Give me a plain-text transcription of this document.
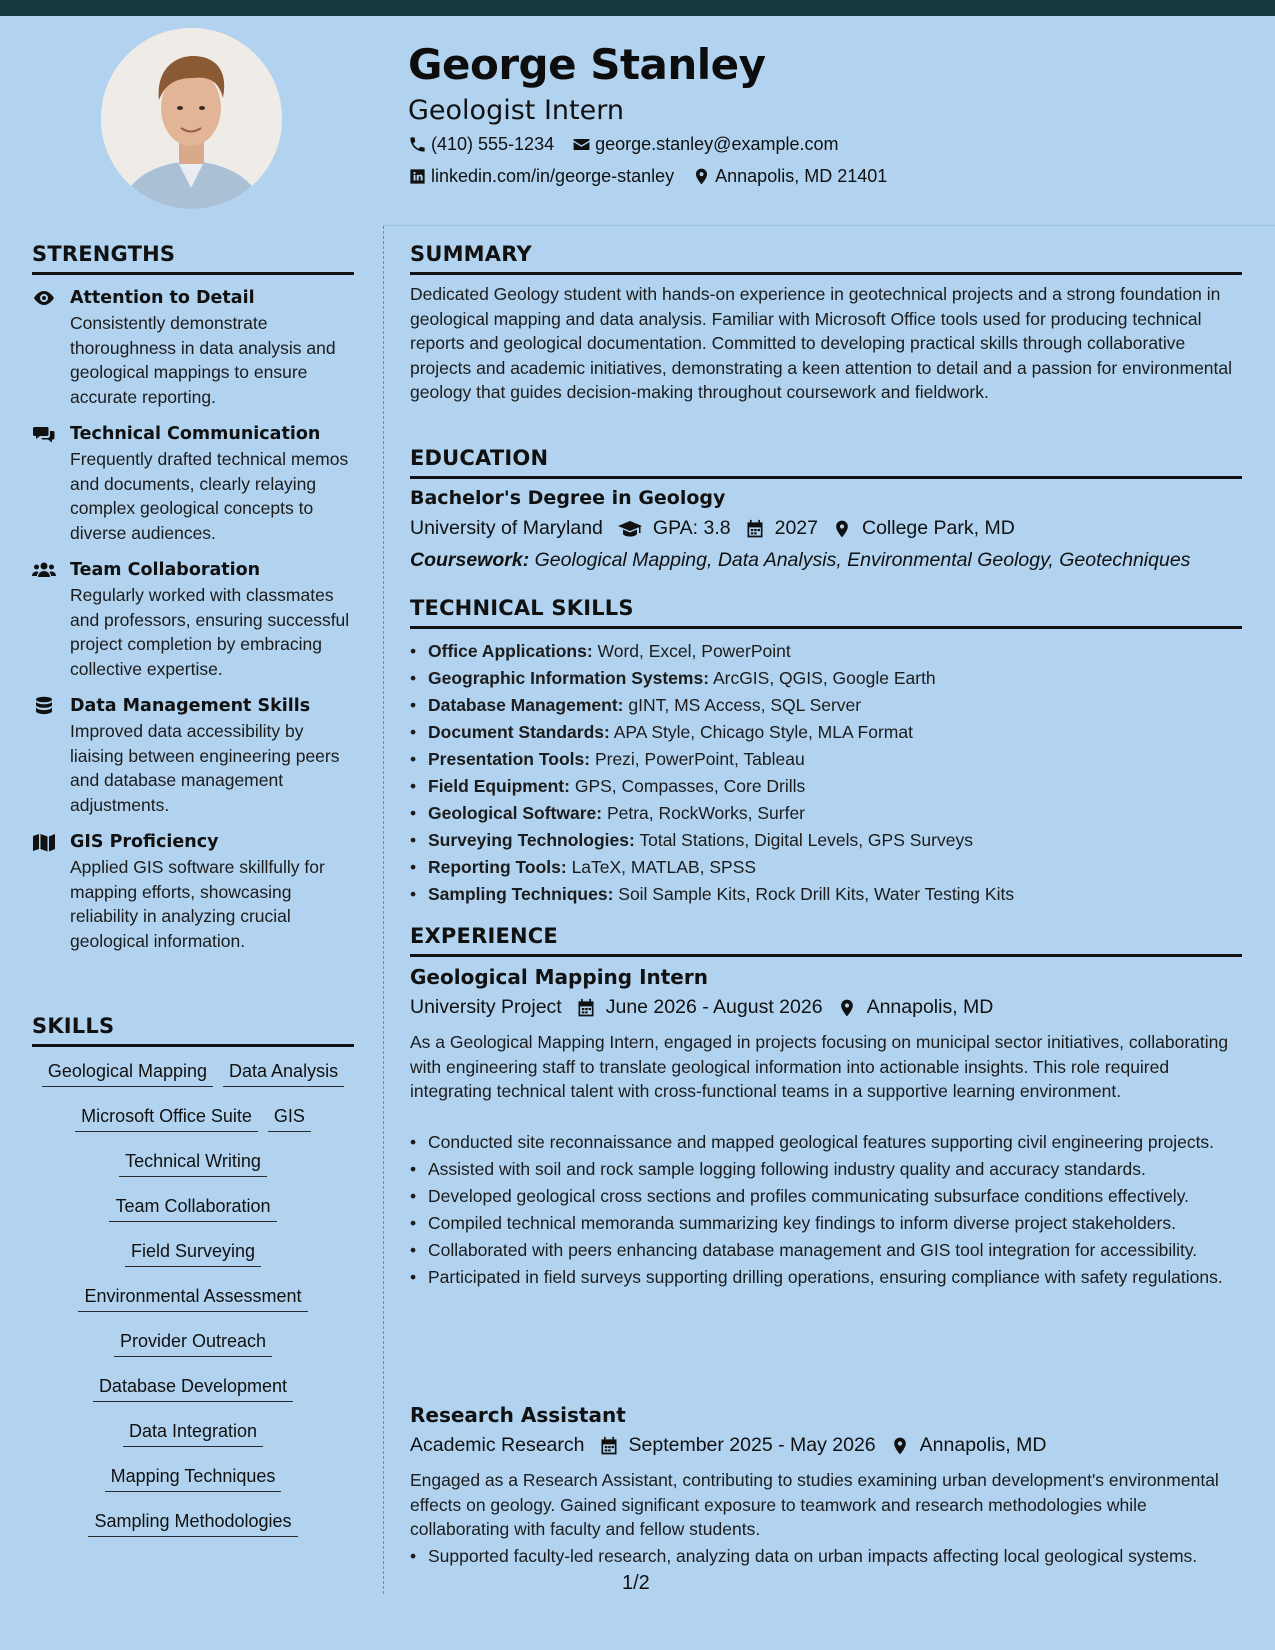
George Stanley
Geologist Intern
(410) 555-1234 george.stanley@example.com
linkedin.com/in/george-stanley Annapolis, MD 21401
STRENGTHS
Attention to Detail
Consistently demonstrate thoroughness in data analysis and geological mappings to ensure accurate reporting.
Technical Communication
Frequently drafted technical memos and documents, clearly relaying complex geological concepts to diverse audiences.
Team Collaboration
Regularly worked with classmates and professors, ensuring successful project completion by embracing collective expertise.
Data Management Skills
Improved data accessibility by liaising between engineering peers and database management adjustments.
GIS Proficiency
Applied GIS software skillfully for mapping efforts, showcasing reliability in analyzing crucial geological information.
SKILLS
Geological Mapping	Data Analysis
Microsoft Office Suite	GIS
Technical Writing
Team Collaboration
Field Surveying
Environmental Assessment
Provider Outreach
Database Development
Data Integration
Mapping Techniques
Sampling Methodologies
SUMMARY
Dedicated Geology student with hands-on experience in geotechnical projects and a strong foundation in geological mapping and data analysis. Familiar with Microsoft Office tools used for producing technical reports and geological documentation. Committed to developing practical skills through collaborative projects and academic initiatives, demonstrating a keen attention to detail and a passion for environmental geology that guides decision-making throughout coursework and fieldwork.
EDUCATION
Bachelor's Degree in Geology
University of Maryland	GPA: 3.8 2027 College Park, MD
Coursework: Geological Mapping, Data Analysis, Environmental Geology, Geotechniques
TECHNICAL SKILLS
• Office Applications: Word, Excel, PowerPoint
• Geographic Information Systems: ArcGIS, QGIS, Google Earth
• Database Management: gINT, MS Access, SQL Server
• Document Standards: APA Style, Chicago Style, MLA Format
• Presentation Tools: Prezi, PowerPoint, Tableau
• Field Equipment: GPS, Compasses, Core Drills
• Geological Software: Petra, RockWorks, Surfer
• Surveying Technologies: Total Stations, Digital Levels, GPS Surveys
• Reporting Tools: LaTeX, MATLAB, SPSS
• Sampling Techniques: Soil Sample Kits, Rock Drill Kits, Water Testing Kits
EXPERIENCE
Geological Mapping Intern
University Project June 2026 - August 2026 Annapolis, MD
As a Geological Mapping Intern, engaged in projects focusing on municipal sector initiatives, collaborating with engineering staff to translate geological information into actionable insights. This role required integrating technical talent with cross-functional teams in a supportive learning environment.
• Conducted site reconnaissance and mapped geological features supporting civil engineering projects.
• Assisted with soil and rock sample logging following industry quality and accuracy standards.
• Developed geological cross sections and profiles communicating subsurface conditions effectively.
• Compiled technical memoranda summarizing key findings to inform diverse project stakeholders.
• Collaborated with peers enhancing database management and GIS tool integration for accessibility.
• Participated in field surveys supporting drilling operations, ensuring compliance with safety regulations.
Research Assistant
Academic Research September 2025 - May 2026 Annapolis, MD
Engaged as a Research Assistant, contributing to studies examining urban development's environmental effects on geology. Gained significant exposure to teamwork and research methodologies while collaborating with faculty and fellow students.
• Supported faculty-led research, analyzing data on urban impacts affecting local geological systems.
1/2
